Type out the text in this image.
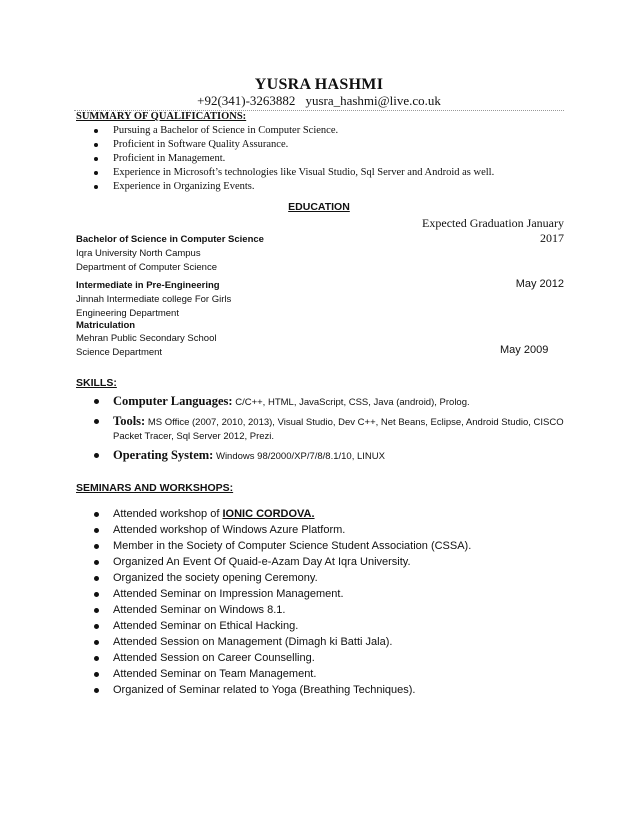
YUSRA HASHMI
+92(341)-3263882 yusra_hashmi@live.co.uk
SUMMARY OF QUALIFICATIONS:
Pursuing a Bachelor of Science in Computer Science.
Proficient in Software Quality Assurance.
Proficient in Management.
Experience in Microsoft’s technologies like Visual Studio, Sql Server and Android as well.
Experience in Organizing Events.
EDUCATION
Expected Graduation January
2017
Bachelor of Science in Computer Science
Iqra University North Campus
Department of Computer Science
Intermediate in Pre-Engineering	May 2012
Jinnah Intermediate college For Girls
Engineering Department
Matriculation
Mehran Public Secondary School
Science Department	May 2009
SKILLS:
Computer Languages: C/C++, HTML, JavaScript, CSS, Java (android), Prolog.
Tools: MS Office (2007, 2010, 2013), Visual Studio, Dev C++, Net Beans, Eclipse, Android Studio, CISCO Packet Tracer, Sql Server 2012, Prezi.
Operating System: Windows 98/2000/XP/7/8/8.1/10, LINUX
SEMINARS AND WORKSHOPS:
Attended workshop of IONIC CORDOVA.
Attended workshop of Windows Azure Platform.
Member in the Society of Computer Science Student Association (CSSA).
Organized An Event Of Quaid-e-Azam Day At Iqra University.
Organized the society opening Ceremony.
Attended Seminar on Impression Management.
Attended Seminar on Windows 8.1.
Attended Seminar on Ethical Hacking.
Attended Session on Management (Dimagh ki Batti Jala).
Attended Session on Career Counselling.
Attended Seminar on Team Management.
Organized of Seminar related to Yoga (Breathing Techniques).
